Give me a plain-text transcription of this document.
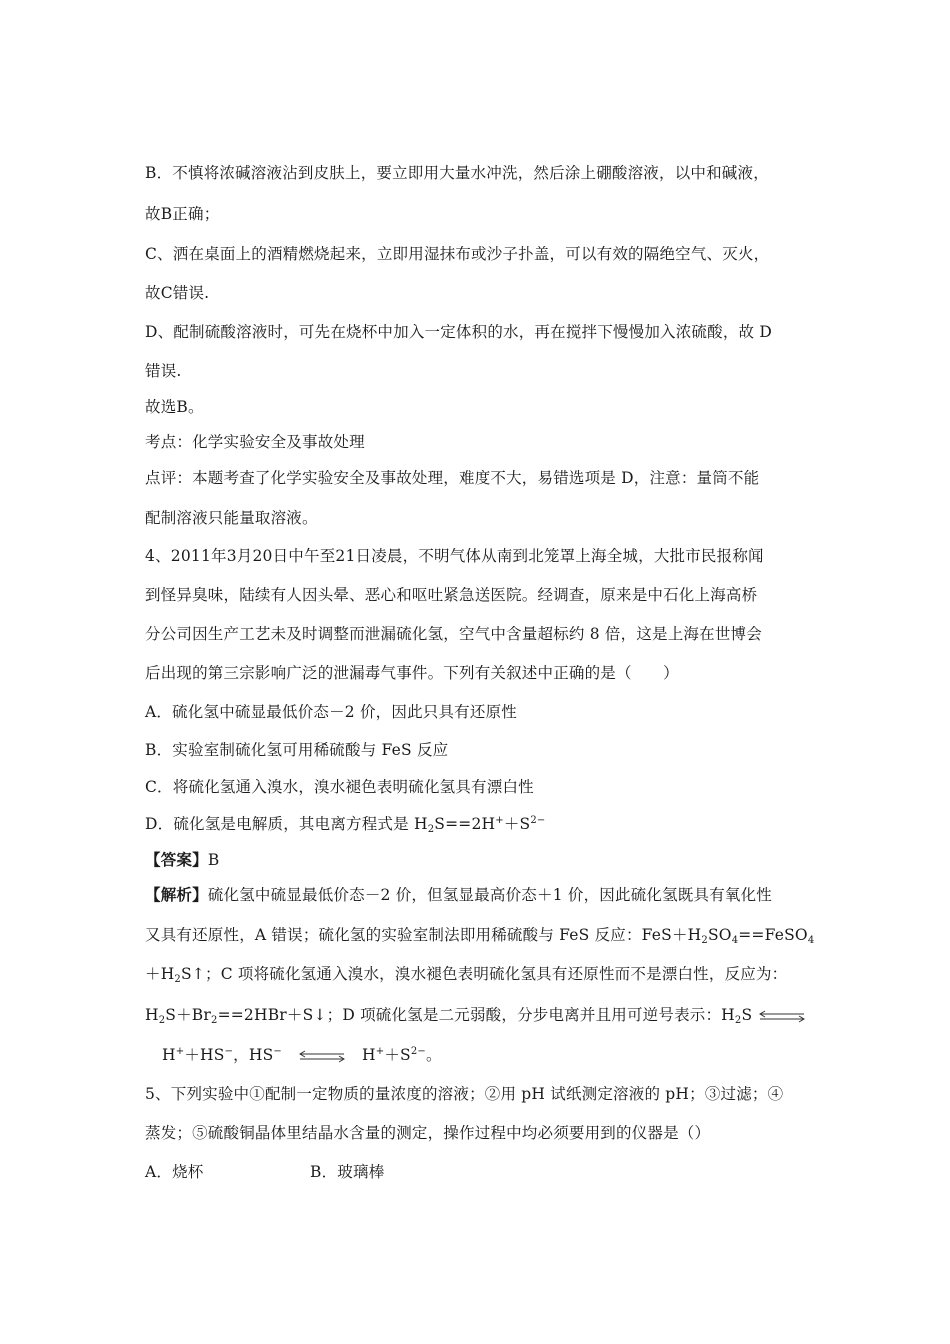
B．不慎将浓碱溶液沾到皮肤上，要立即用大量水冲洗，然后涂上硼酸溶液，以中和碱液，
故B正确；
C、洒在桌面上的酒精燃烧起来，立即用湿抹布或沙子扑盖，可以有效的隔绝空气、灭火，
故C错误.
D、配制硫酸溶液时，可先在烧杯中加入一定体积的水，再在搅拌下慢慢加入浓硫酸，故 D
错误.
故选B。
考点：化学实验安全及事故处理
点评：本题考查了化学实验安全及事故处理，难度不大，易错选项是 D，注意：量筒不能
配制溶液只能量取溶液。
4、2011年3月20日中午至21日凌晨，不明气体从南到北笼罩上海全城，大批市民报称闻
到怪异臭味，陆续有人因头晕、恶心和呕吐紧急送医院。经调查，原来是中石化上海高桥
分公司因生产工艺未及时调整而泄漏硫化氢，空气中含量超标约 8 倍，这是上海在世博会
后出现的第三宗影响广泛的泄漏毒气事件。下列有关叙述中正确的是（　　）
A．硫化氢中硫显最低价态－2 价，因此只具有还原性
B．实验室制硫化氢可用稀硫酸与 FeS 反应
C．将硫化氢通入溴水，溴水褪色表明硫化氢具有漂白性
D．硫化氢是电解质，其电离方程式是 $H_2S==2H^++S^{2-}$
【答案】B
【解析】硫化氢中硫显最低价态－2 价，但氢显最高价态＋1 价，因此硫化氢既具有氧化性
又具有还原性，A 错误；硫化氢的实验室制法即用稀硫酸与 FeS 反应：$FeS+H_2SO_4==FeSO_4$
$+H_2S↑$；C 项将硫化氢通入溴水，溴水褪色表明硫化氢具有还原性而不是漂白性，反应为：
$H_2S+Br_2==2HBr+S↓$；D 项硫化氢是二元弱酸，分步电离并且用可逆号表示：$H_2S$ ⇌
H+＋HS−，HS− ⇌ $H^++S^{2-}$。
5、下列实验中①配制一定物质的量浓度的溶液；②用 pH 试纸测定溶液的 pH；③过滤；④
蒸发；⑤硫酸铜晶体里结晶水含量的测定，操作过程中均必须要用到的仪器是（）
A．烧杯	B．玻璃棒
